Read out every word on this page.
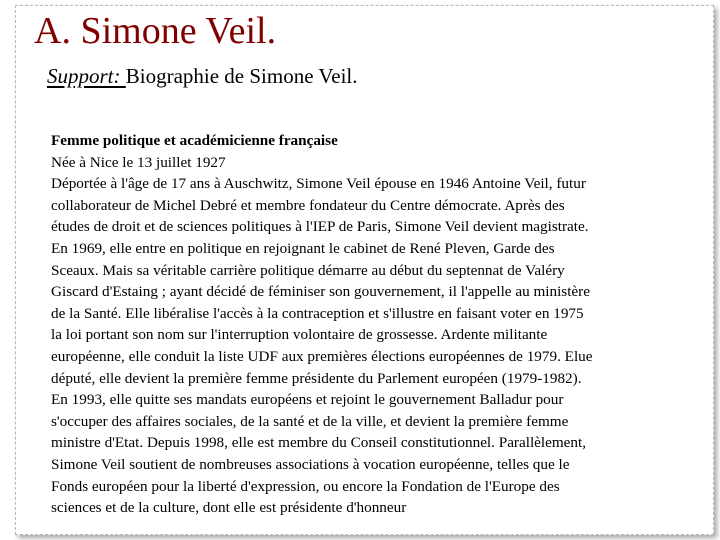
A. Simone Veil.
Support: Biographie de Simone Veil.
Femme politique et académicienne française
Née à Nice le 13 juillet 1927
Déportée à l'âge de 17 ans à Auschwitz, Simone Veil épouse en 1946 Antoine Veil, futur
collaborateur de Michel Debré et membre fondateur du Centre démocrate. Après des
études de droit et de sciences politiques à l'IEP de Paris, Simone Veil devient magistrate.
En 1969, elle entre en politique en rejoignant le cabinet de René Pleven, Garde des
Sceaux. Mais sa véritable carrière politique démarre au début du septennat de Valéry
Giscard d'Estaing ; ayant décidé de féminiser son gouvernement, il l'appelle au ministère
de la Santé. Elle libéralise l'accès à la contraception et s'illustre en faisant voter en 1975
la loi portant son nom sur l'interruption volontaire de grossesse. Ardente militante
européenne, elle conduit la liste UDF aux premières élections européennes de 1979. Elue
député, elle devient la première femme présidente du Parlement européen (1979-1982).
En 1993, elle quitte ses mandats européens et rejoint le gouvernement Balladur pour
s'occuper des affaires sociales, de la santé et de la ville, et devient la première femme
ministre d'Etat. Depuis 1998, elle est membre du Conseil constitutionnel. Parallèlement,
Simone Veil soutient de nombreuses associations à vocation européenne, telles que le
Fonds européen pour la liberté d'expression, ou encore la Fondation de l'Europe des
sciences et de la culture, dont elle est présidente d'honneur
